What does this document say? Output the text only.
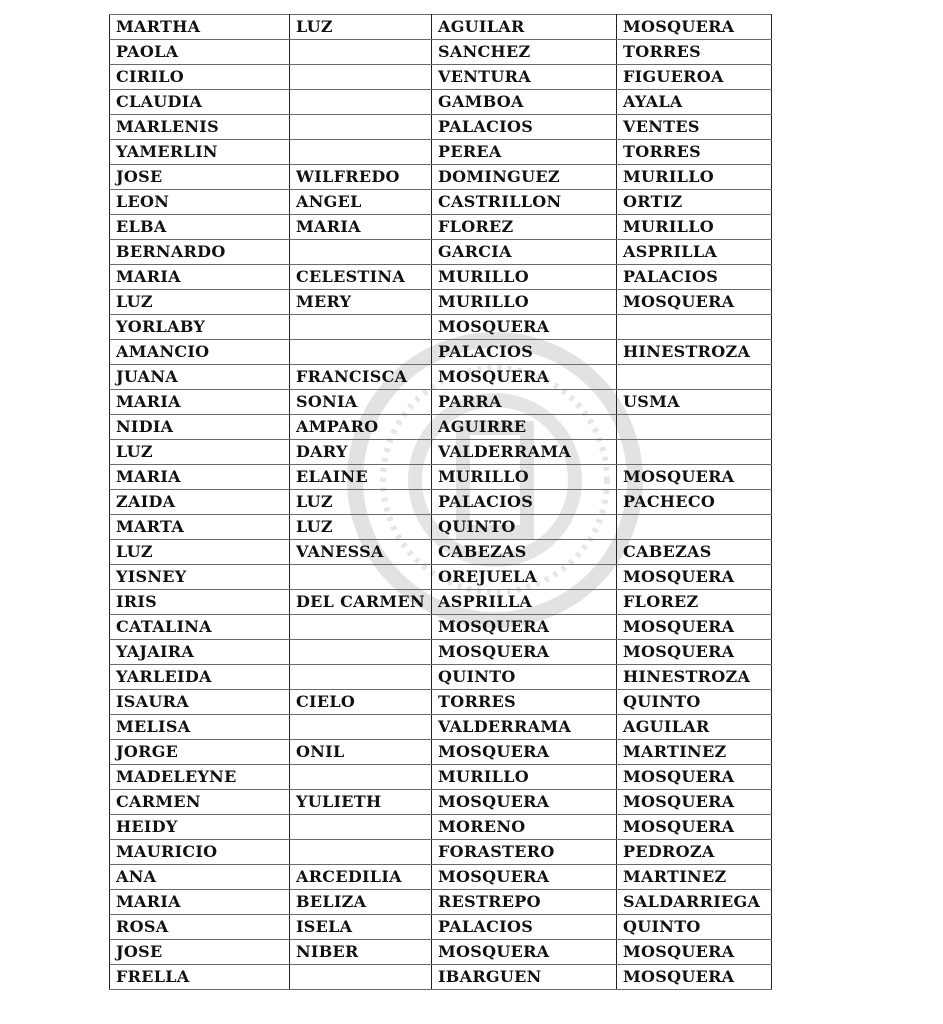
MARTHA	LUZ	AGUILAR	MOSQUERA
PAOLA		SANCHEZ	TORRES
CIRILO		VENTURA	FIGUEROA
CLAUDIA		GAMBOA	AYALA
MARLENIS		PALACIOS	VENTES
YAMERLIN		PEREA	TORRES
JOSE	WILFREDO	DOMINGUEZ	MURILLO
LEON	ANGEL	CASTRILLON	ORTIZ
ELBA	MARIA	FLOREZ	MURILLO
BERNARDO		GARCIA	ASPRILLA
MARIA	CELESTINA	MURILLO	PALACIOS
LUZ	MERY	MURILLO	MOSQUERA
YORLABY		MOSQUERA	
AMANCIO		PALACIOS	HINESTROZA
JUANA	FRANCISCA	MOSQUERA	
MARIA	SONIA	PARRA	USMA
NIDIA	AMPARO	AGUIRRE	
LUZ	DARY	VALDERRAMA	
MARIA	ELAINE	MURILLO	MOSQUERA
ZAIDA	LUZ	PALACIOS	PACHECO
MARTA	LUZ	QUINTO	
LUZ	VANESSA	CABEZAS	CABEZAS
YISNEY		OREJUELA	MOSQUERA
IRIS	DEL CARMEN	ASPRILLA	FLOREZ
CATALINA		MOSQUERA	MOSQUERA
YAJAIRA		MOSQUERA	MOSQUERA
YARLEIDA		QUINTO	HINESTROZA
ISAURA	CIELO	TORRES	QUINTO
MELISA		VALDERRAMA	AGUILAR
JORGE	ONIL	MOSQUERA	MARTINEZ
MADELEYNE		MURILLO	MOSQUERA
CARMEN	YULIETH	MOSQUERA	MOSQUERA
HEIDY		MORENO	MOSQUERA
MAURICIO		FORASTERO	PEDROZA
ANA	ARCEDILIA	MOSQUERA	MARTINEZ
MARIA	BELIZA	RESTREPO	SALDARRIEGA
ROSA	ISELA	PALACIOS	QUINTO
JOSE	NIBER	MOSQUERA	MOSQUERA
FRELLA		IBARGUEN	MOSQUERA
